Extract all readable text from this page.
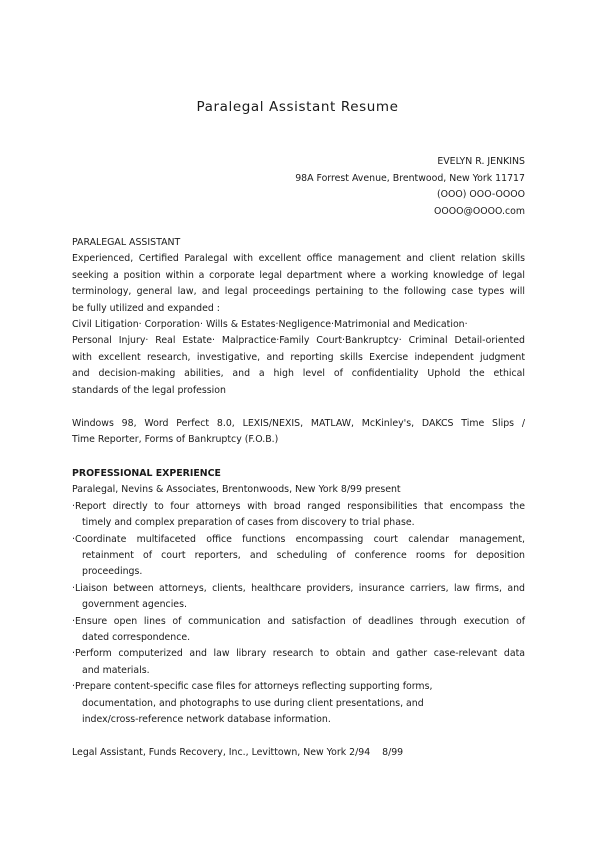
Paralegal Assistant Resume
EVELYN R. JENKINS
98A Forrest Avenue, Brentwood, New York 11717
(OOO) OOO-OOOO
OOOO@OOOO.com

PARALEGAL ASSISTANT

Experienced, Certified Paralegal with excellent office management and client relation skills

seeking a position within a corporate legal department where a working knowledge of legal

terminology, general law, and legal proceedings pertaining to the following case types will

be fully utilized and expanded :

Civil Litigation· Corporation· Wills & Estates·Negligence·Matrimonial and Medication·

Personal Injury· Real Estate· Malpractice·Family Court·Bankruptcy· Criminal Detail-oriented

with excellent research, investigative, and reporting skills Exercise independent judgment

and decision-making abilities, and a high level of confidentiality Uphold the ethical

standards of the legal profession

Windows 98, Word Perfect 8.0, LEXIS/NEXIS, MATLAW, McKinley's, DAKCS Time Slips /

Time Reporter, Forms of Bankruptcy (F.O.B.)

PROFESSIONAL EXPERIENCE

Paralegal, Nevins & Associates, Brentonwoods, New York 8/99 present

·Report directly to four attorneys with broad ranged responsibilities that encompass the
timely and complex preparation of cases from discovery to trial phase.
·Coordinate multifaceted office functions encompassing court calendar management,
retainment of court reporters, and scheduling of conference rooms for deposition
proceedings.
·Liaison between attorneys, clients, healthcare providers, insurance carriers, law firms, and
government agencies.
·Ensure open lines of communication and satisfaction of deadlines through execution of
dated correspondence.
·Perform computerized and law library research to obtain and gather case-relevant data
and materials.
·Prepare content-specific case files for attorneys reflecting supporting forms,
documentation, and photographs to use during client presentations, and
index/cross-reference network database information.

Legal Assistant, Funds Recovery, Inc., Levittown, New York 2/94    8/99
